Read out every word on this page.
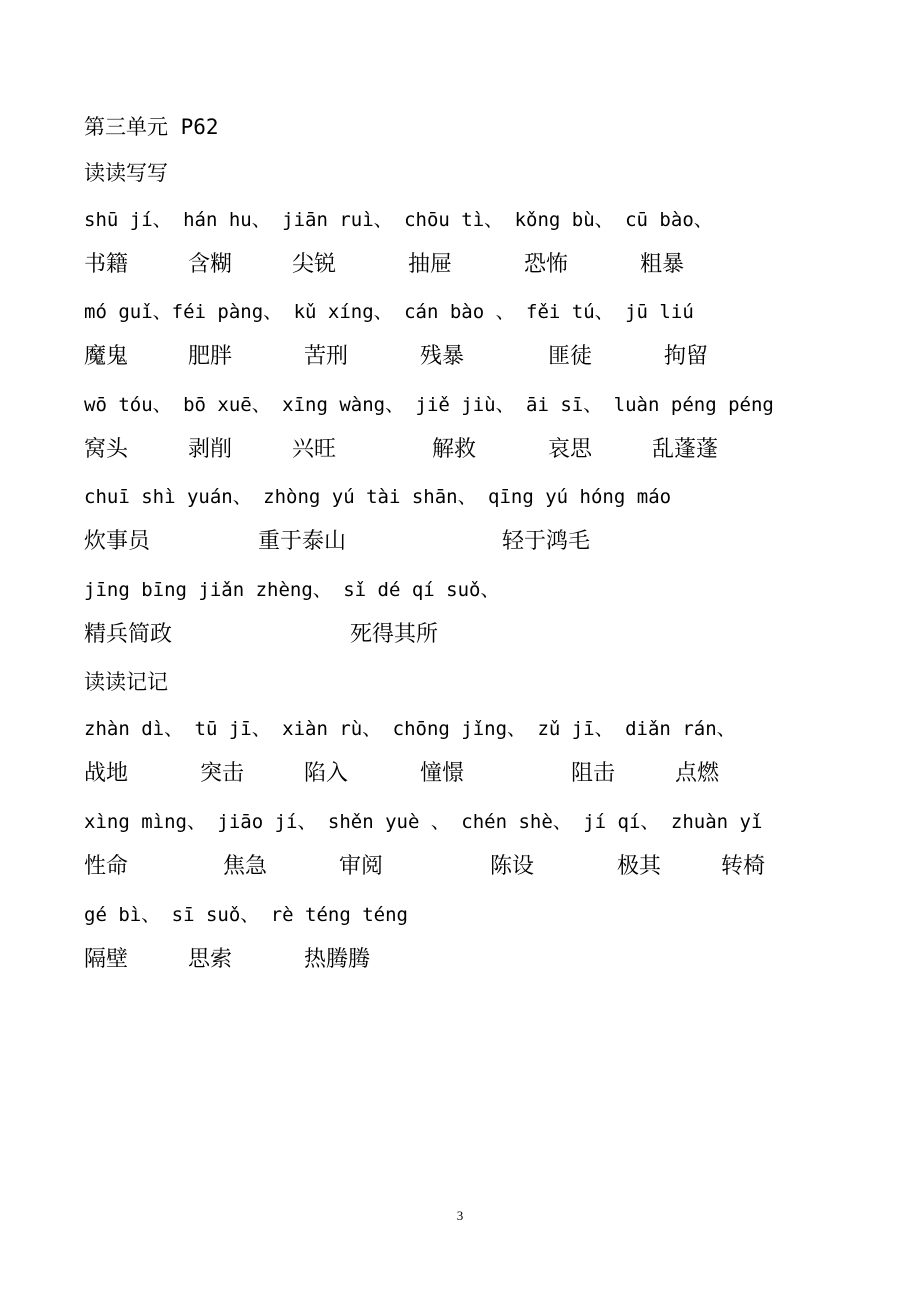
第三单元 P62
读读写写
shū jí、 hán hu、 jiān ruì、 chōu tì、 kǒng bù、 cū bào、
书籍	含糊	尖锐	抽屉	恐怖	粗暴
mó guǐ、féi pàng、 kǔ xíng、 cán bào 、 fěi tú、 jū liú
魔鬼	肥胖	苦刑	残暴	匪徒	拘留
wō tóu、 bō xuē、 xīng wàng、 jiě jiù、 āi sī、 luàn péng péng
窝头	剥削	兴旺	解救	哀思	乱蓬蓬
chuī shì yuán、 zhòng yú tài shān、 qīng yú hóng máo
炊事员	重于泰山	轻于鸿毛
jīng bīng jiǎn zhèng、 sǐ dé qí suǒ、
精兵简政	死得其所
读读记记
zhàn dì、 tū jī、 xiàn rù、 chōng jǐng、 zǔ jī、 diǎn rán、
战地	突击	陷入	憧憬	阻击	点燃
xìng mìng、 jiāo jí、 shěn yuè 、 chén shè、 jí qí、 zhuàn yǐ
性命	焦急	审阅	陈设	极其	转椅
gé bì、 sī suǒ、 rè téng téng
隔壁	思索	热腾腾
3
